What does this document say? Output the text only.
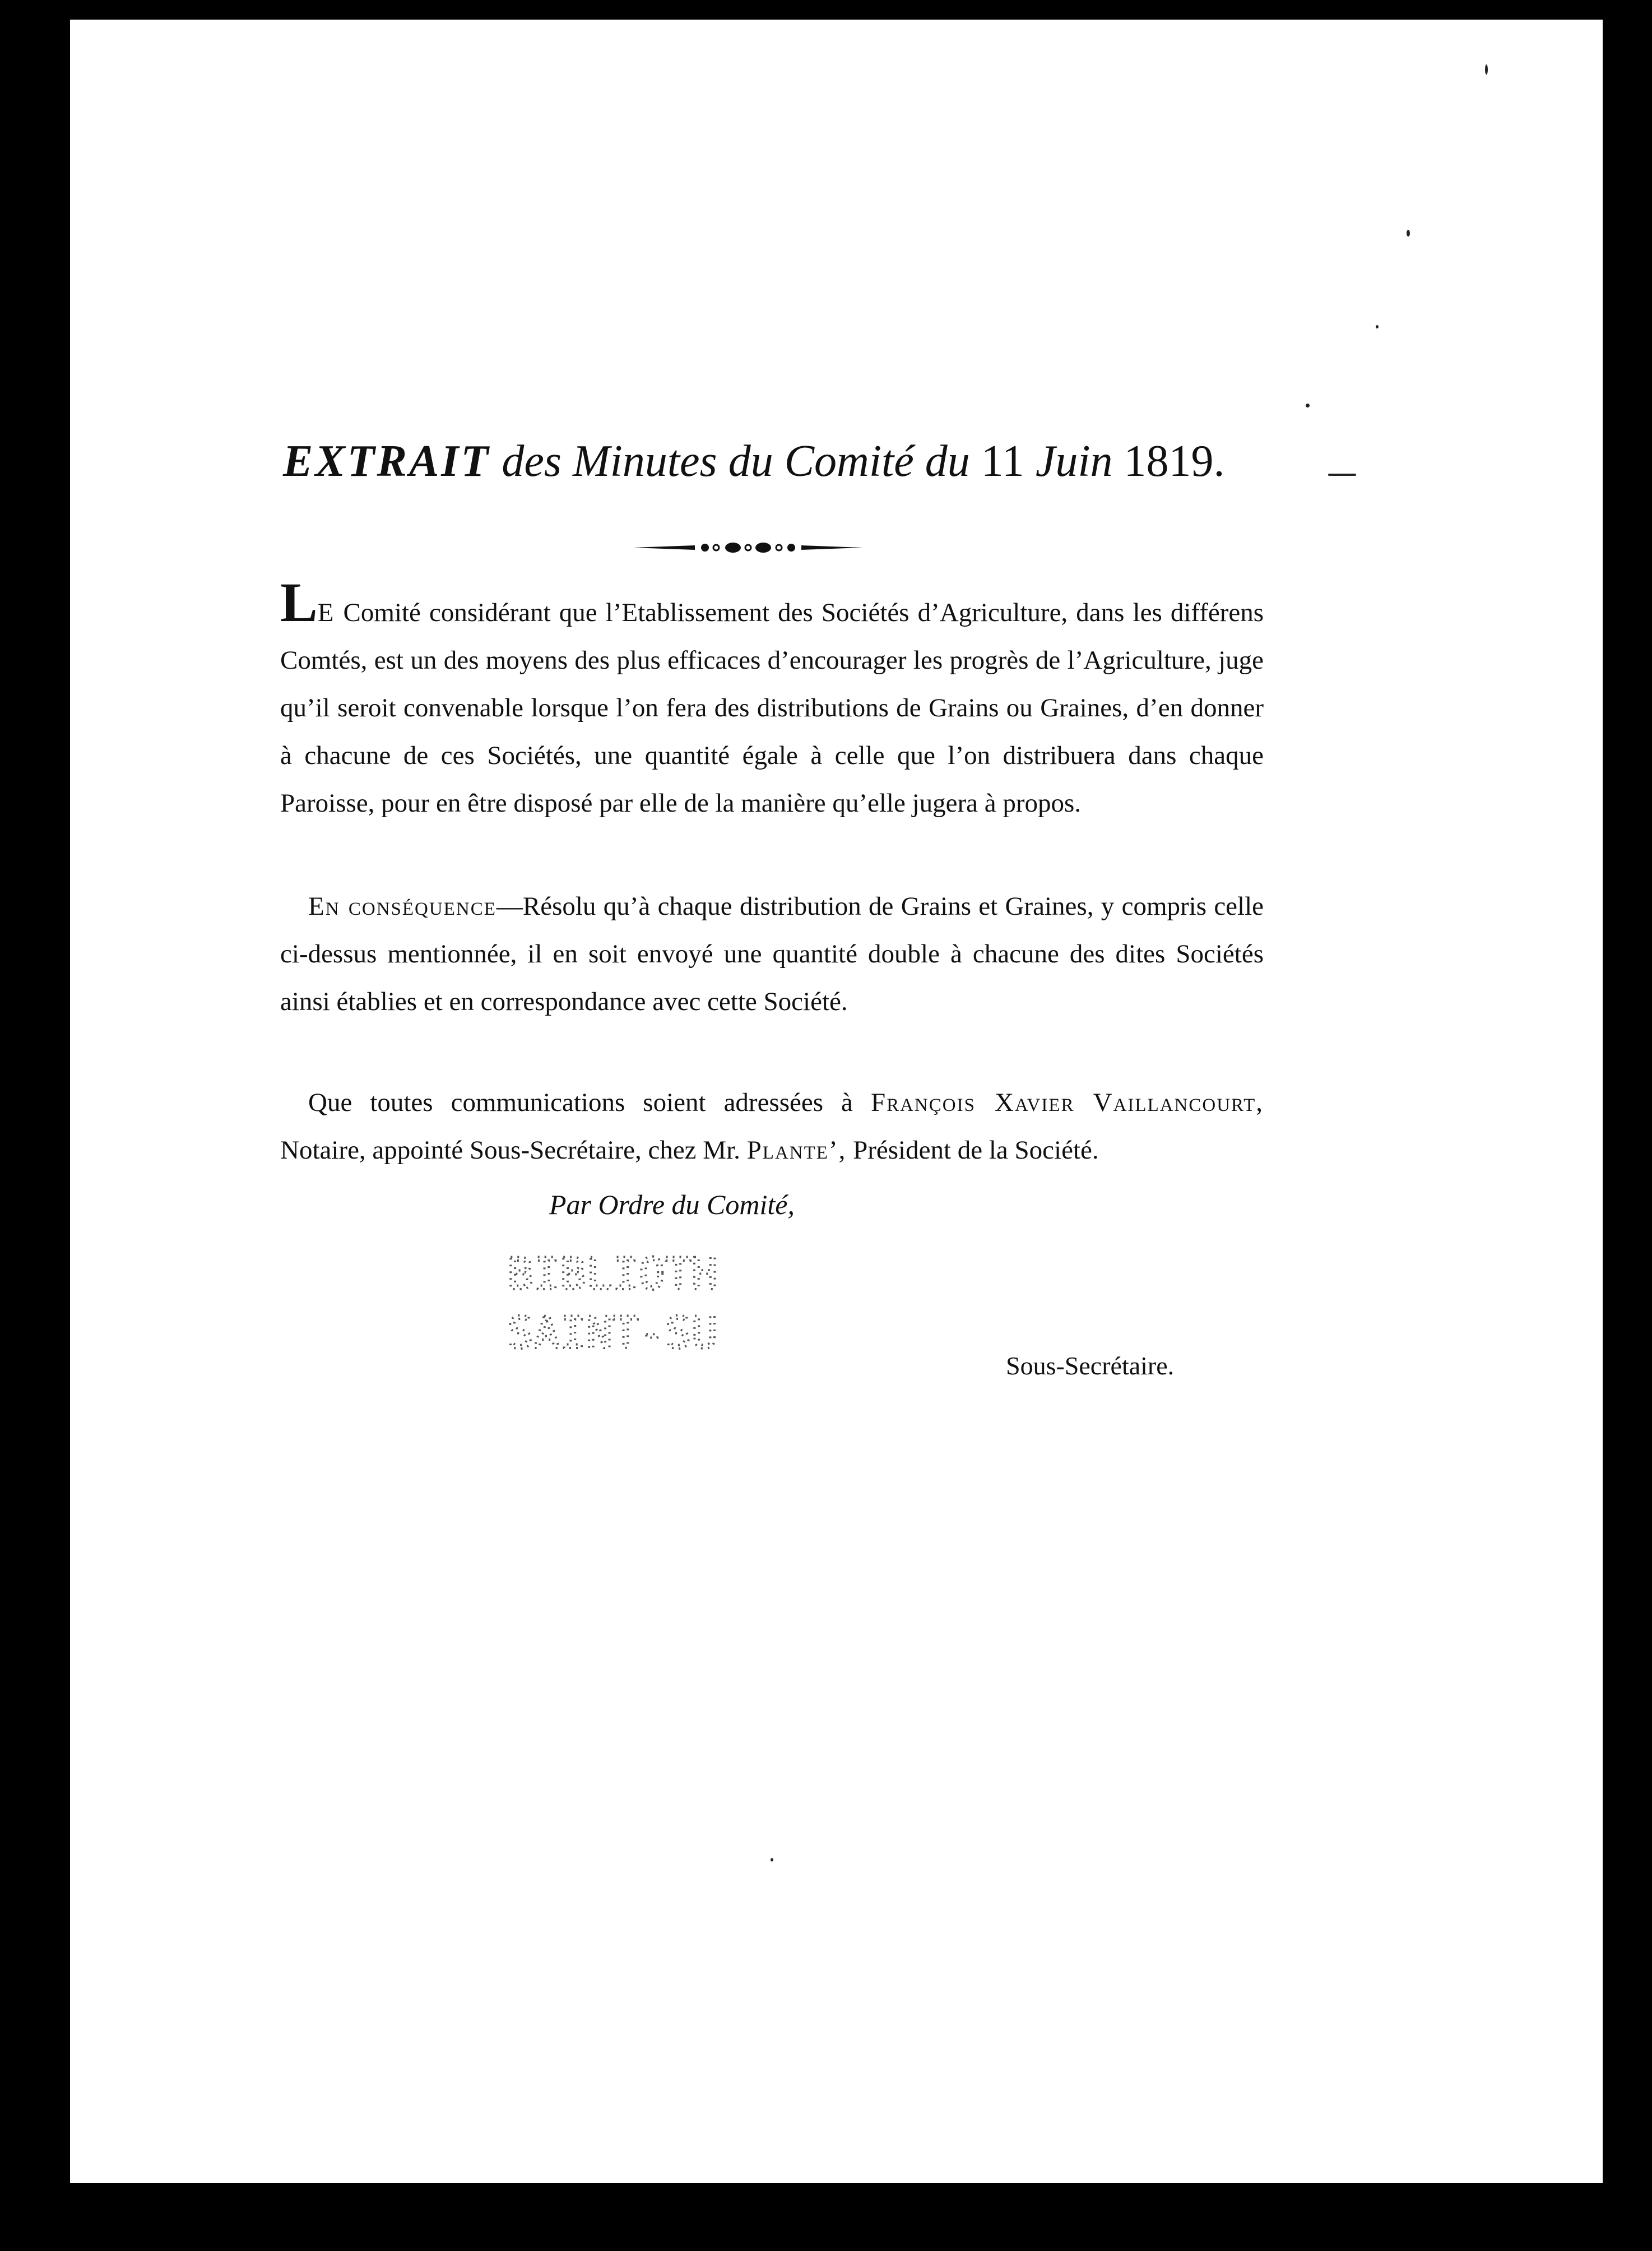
EXTRAIT des Minutes du Comité du 11 Juin 1819.
LE Comité considérant que l’Etablissement des Sociétés d’Agriculture, dans les différens Comtés, est un des moyens des plus efficaces d’encourager les progrès de l’Agriculture, juge qu’il seroit convenable lorsque l’on fera des distributions de Grains ou Graines, d’en donner à chacune de ces Sociétés, une quantité égale à celle que l’on distribuera dans chaque Paroisse, pour en être disposé par elle de la manière qu’elle jugera à propos.
En conséquence—Résolu qu’à chaque distribution de Grains et Graines, y compris celle ci-dessus mentionnée, il en soit envoyé une quantité double à chacune des dites Sociétés ainsi établies et en correspondance avec cette Société.
Que toutes communications soient adressées à François Xavier Vaillancourt, Notaire, appointé Sous-Secrétaire, chez Mr. Plante’, Président de la Société.
Par Ordre du Comité,
BIBLIOTH
SAINT-SU
Sous-Secrétaire.
